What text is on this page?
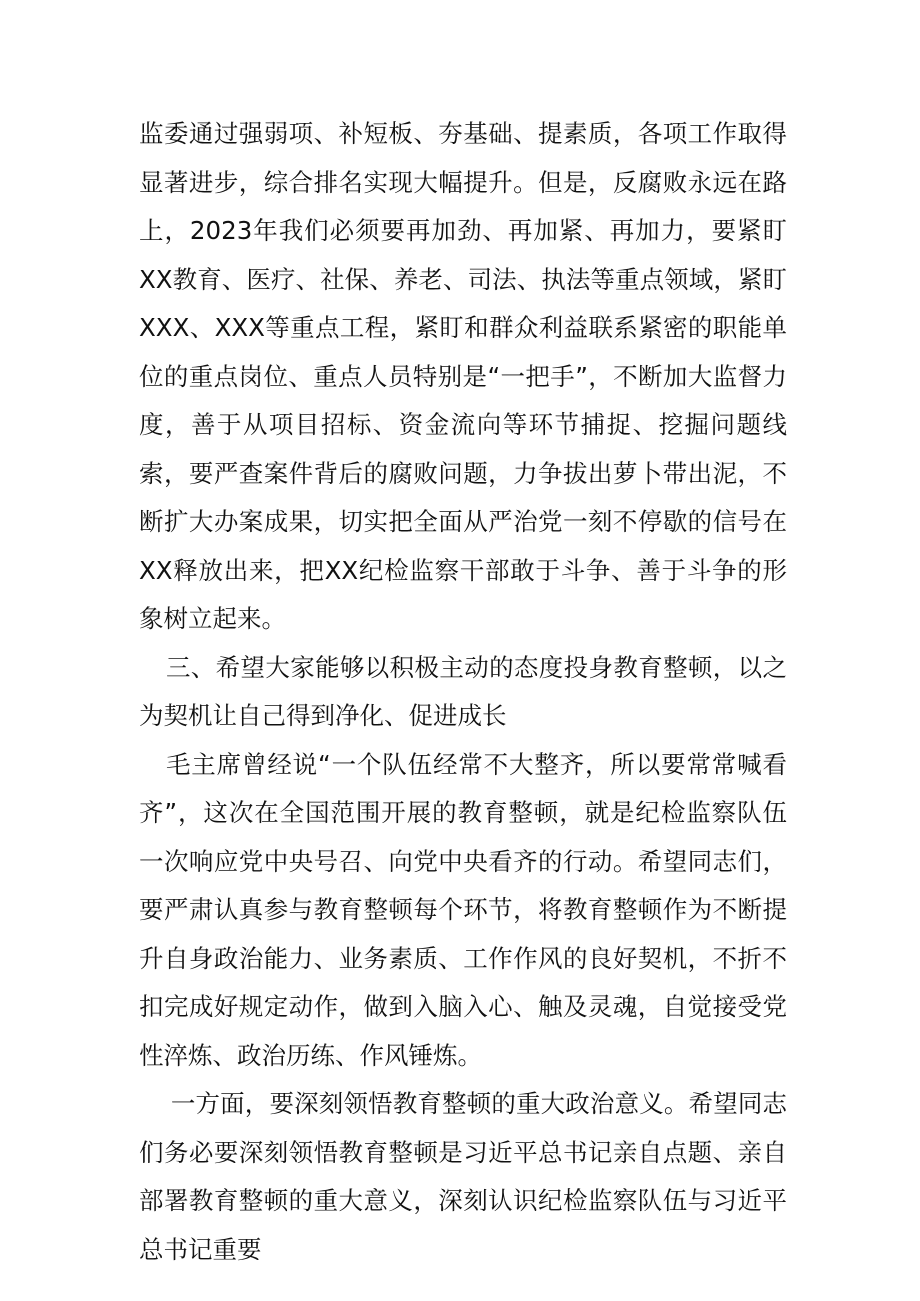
监委通过强弱项、补短板、夯基础、提素质，各项工作取得显著进步，综合排名实现大幅提升。但是，反腐败永远在路上，2023年我们必须要再加劲、再加紧、再加力，要紧盯XX教育、医疗、社保、养老、司法、执法等重点领域，紧盯XXX、XXX等重点工程，紧盯和群众利益联系紧密的职能单位的重点岗位、重点人员特别是“一把手”，不断加大监督力度，善于从项目招标、资金流向等环节捕捉、挖掘问题线索，要严查案件背后的腐败问题，力争拔出萝卜带出泥，不断扩大办案成果，切实把全面从严治党一刻不停歇的信号在XX释放出来，把XX纪检监察干部敢于斗争、善于斗争的形象树立起来。

三、希望大家能够以积极主动的态度投身教育整顿，以之为契机让自己得到净化、促进成长

毛主席曾经说“一个队伍经常不大整齐，所以要常常喊看齐”，这次在全国范围开展的教育整顿，就是纪检监察队伍一次响应党中央号召、向党中央看齐的行动。希望同志们，要严肃认真参与教育整顿每个环节，将教育整顿作为不断提升自身政治能力、业务素质、工作作风的良好契机，不折不扣完成好规定动作，做到入脑入心、触及灵魂，自觉接受党性淬炼、政治历练、作风锤炼。

一方面，要深刻领悟教育整顿的重大政治意义。希望同志们务必要深刻领悟教育整顿是习近平总书记亲自点题、亲自部署教育整顿的重大意义，深刻认识纪检监察队伍与习近平总书记重要
